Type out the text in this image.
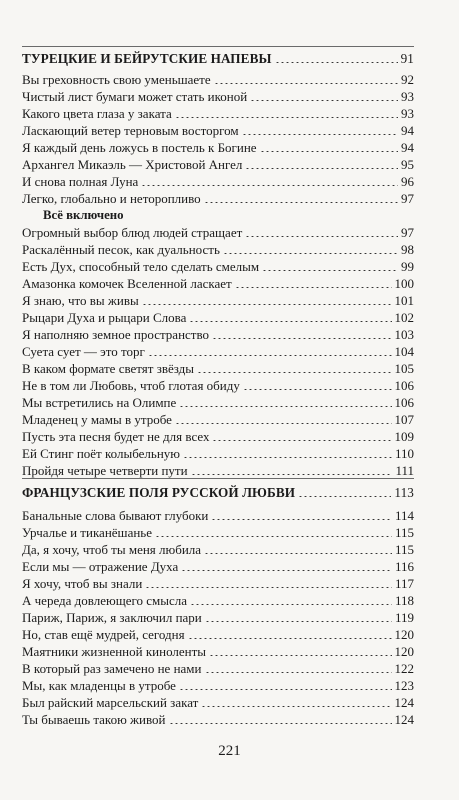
ТУРЕЦКИЕ И БЕЙРУТСКИЕ НАПЕВЫ	91
Вы греховность свою уменьшаете	92
Чистый лист бумаги может стать иконой	93
Какого цвета глаза у заката	93
Ласкающий ветер терновым восторгом	94
Я каждый день ложусь в постель к Богине	94
Архангел Микаэль — Христовой Ангел	95
И снова полная Луна	96
Легко, глобально и неторопливо	97
Всё включено
Огромный выбор блюд людей стращает	97
Раскалённый песок, как дуальность	98
Есть Дух, способный тело сделать смелым	99
Амазонка комочек Вселенной ласкает	100
Я знаю, что вы живы	101
Рыцари Духа и рыцари Слова	102
Я наполняю земное пространство	103
Суета сует — это торг	104
В каком формате светят звёзды	105
Не в том ли Любовь, чтоб глотая обиду	106
Мы встретились на Олимпе	106
Младенец у мамы в утробе	107
Пусть эта песня будет не для всех	109
Ей Стинг поёт колыбельную	110
Пройдя четыре четверти пути	111
ФРАНЦУЗСКИЕ ПОЛЯ РУССКОЙ ЛЮБВИ	113
Банальные слова бывают глубоки	114
Урчалье и тиканёшанье	115
Да, я хочу, чтоб ты меня любила	115
Если мы — отражение Духа	116
Я хочу, чтоб вы знали	117
А череда довлеющего смысла	118
Париж, Париж, я заключил пари	119
Но, став ещё мудрей, сегодня	120
Маятники жизненной киноленты	120
В который раз замечено не нами	122
Мы, как младенцы в утробе	123
Был райский марсельский закат	124
Ты бываешь такою живой	124
221
